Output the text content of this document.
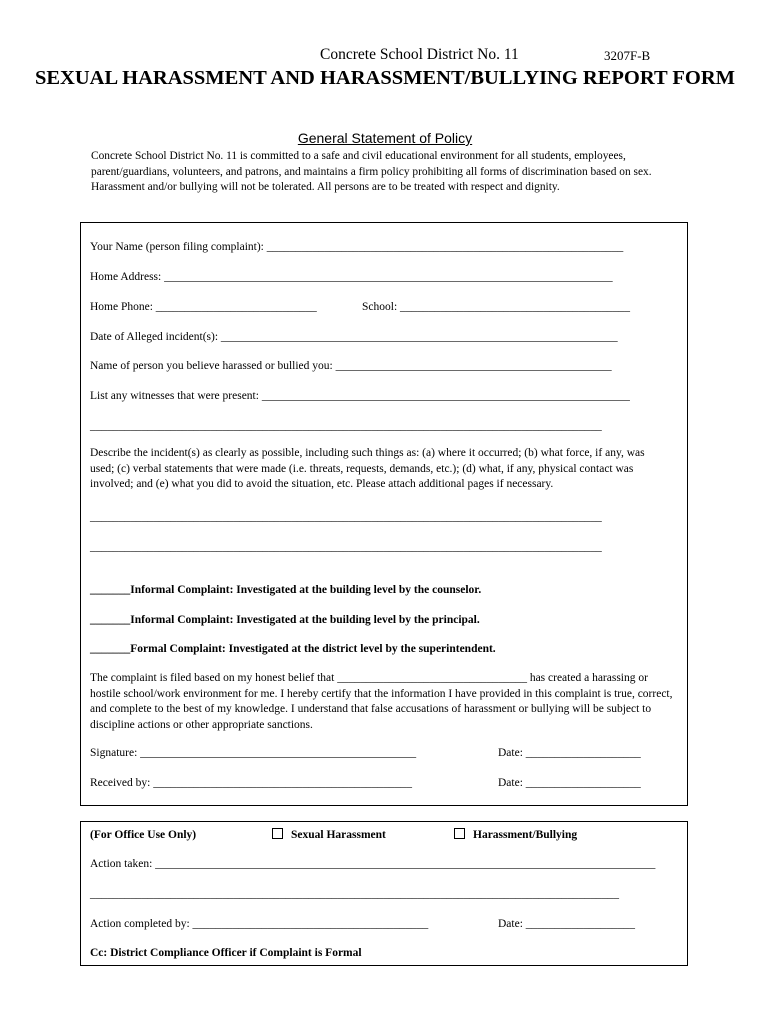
Concrete School District No. 11	3207F-B
SEXUAL HARASSMENT AND HARASSMENT/BULLYING REPORT FORM
General Statement of Policy
Concrete School District No. 11 is committed to a safe and civil educational environment for all students, employees, parent/guardians, volunteers, and patrons, and maintains a firm policy prohibiting all forms of discrimination based on sex. Harassment and/or bullying will not be tolerated. All persons are to be treated with respect and dignity.
Your Name (person filing complaint): ______________________________________________________________
Home Address: ______________________________________________________________________________
Home Phone: ____________________________	School: ________________________________________
Date of Alleged incident(s): _____________________________________________________________________
Name of person you believe harassed or bullied you: ________________________________________________
List any witnesses that were present: ________________________________________________________________
_________________________________________________________________________________________
Describe the incident(s) as clearly as possible, including such things as: (a) where it occurred; (b) what force, if any, was used; (c) verbal statements that were made (i.e. threats, requests, demands, etc.); (d) what, if any, physical contact was involved; and (e) what you did to avoid the situation, etc. Please attach additional pages if necessary.
_________________________________________________________________________________________
_________________________________________________________________________________________
_______Informal Complaint: Investigated at the building level by the counselor.
_______Informal Complaint: Investigated at the building level by the principal.
_______Formal Complaint: Investigated at the district level by the superintendent.
The complaint is filed based on my honest belief that _________________________________ has created a harassing or hostile school/work environment for me. I hereby certify that the information I have provided in this complaint is true, correct, and complete to the best of my knowledge. I understand that false accusations of harassment or bullying will be subject to discipline actions or other appropriate sanctions.
Signature: ________________________________________________	Date: ____________________
Received by: _____________________________________________	Date: ____________________
(For Office Use Only)	Sexual Harassment	Harassment/Bullying
Action taken: _______________________________________________________________________________________
____________________________________________________________________________________________
Action completed by: _________________________________________	Date: ___________________
Cc: District Compliance Officer if Complaint is Formal
